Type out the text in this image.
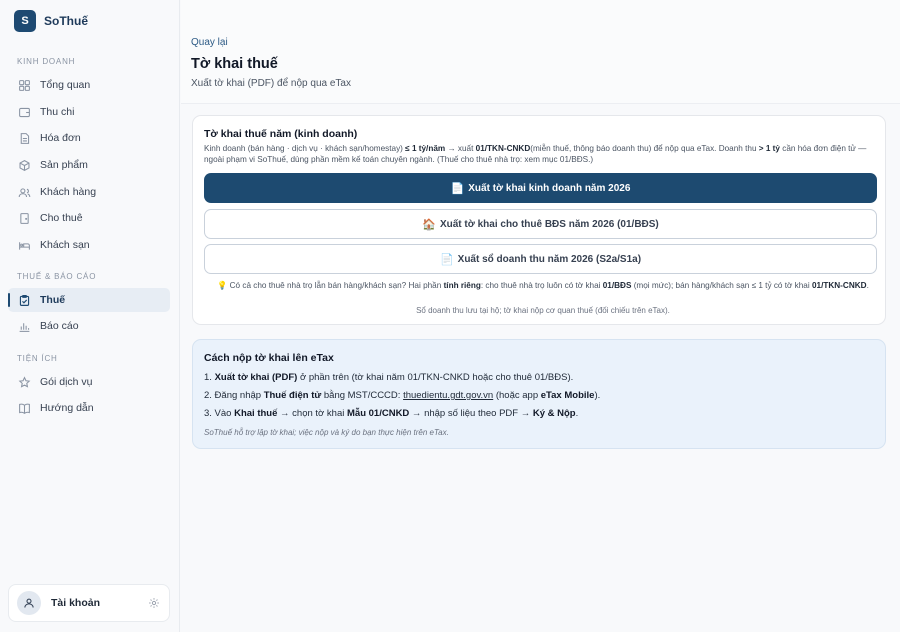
S	SoThuế
KINH DOANH
Tổng quan
Thu chi
Hóa đơn
Sản phẩm
Khách hàng
Cho thuê
Khách sạn
THUẾ & BÁO CÁO
Thuế
Báo cáo
TIỆN ÍCH
Gói dịch vụ
Hướng dẫn
Tài khoản
Quay lại
Tờ khai thuế
Xuất tờ khai (PDF) để nộp qua eTax
Tờ khai thuế năm (kinh doanh)
Kinh doanh (bán hàng · dịch vụ · khách sạn/homestay) ≤ 1 tỷ/năm → xuất 01/TKN-CNKD(miễn thuế, thông báo doanh thu) để nộp qua eTax. Doanh thu > 1 tỷ cần hóa đơn điện tử — ngoài phạm vi SoThuế, dùng phần mềm kế toán chuyên ngành. (Thuế cho thuê nhà trọ: xem mục 01/BĐS.)
📄 Xuất tờ khai kinh doanh năm 2026
🏠 Xuất tờ khai cho thuê BĐS năm 2026 (01/BĐS)
📄 Xuất sổ doanh thu năm 2026 (S2a/S1a)
💡 Có cả cho thuê nhà trọ lẫn bán hàng/khách sạn? Hai phần tính riêng: cho thuê nhà trọ luôn có tờ khai 01/BĐS (mọi mức); bán hàng/khách sạn ≤ 1 tỷ có tờ khai 01/TKN-CNKD.
Sổ doanh thu lưu tại hộ; tờ khai nộp cơ quan thuế (đối chiếu trên eTax).
Cách nộp tờ khai lên eTax
1. Xuất tờ khai (PDF) ở phần trên (tờ khai năm 01/TKN-CNKD hoặc cho thuê 01/BĐS).
2. Đăng nhập Thuế điện tử bằng MST/CCCD: thuedientu.gdt.gov.vn (hoặc app eTax Mobile).
3. Vào Khai thuế → chọn tờ khai Mẫu 01/CNKD → nhập số liệu theo PDF → Ký & Nộp.
SoThuế hỗ trợ lập tờ khai; việc nộp và ký do bạn thực hiện trên eTax.
